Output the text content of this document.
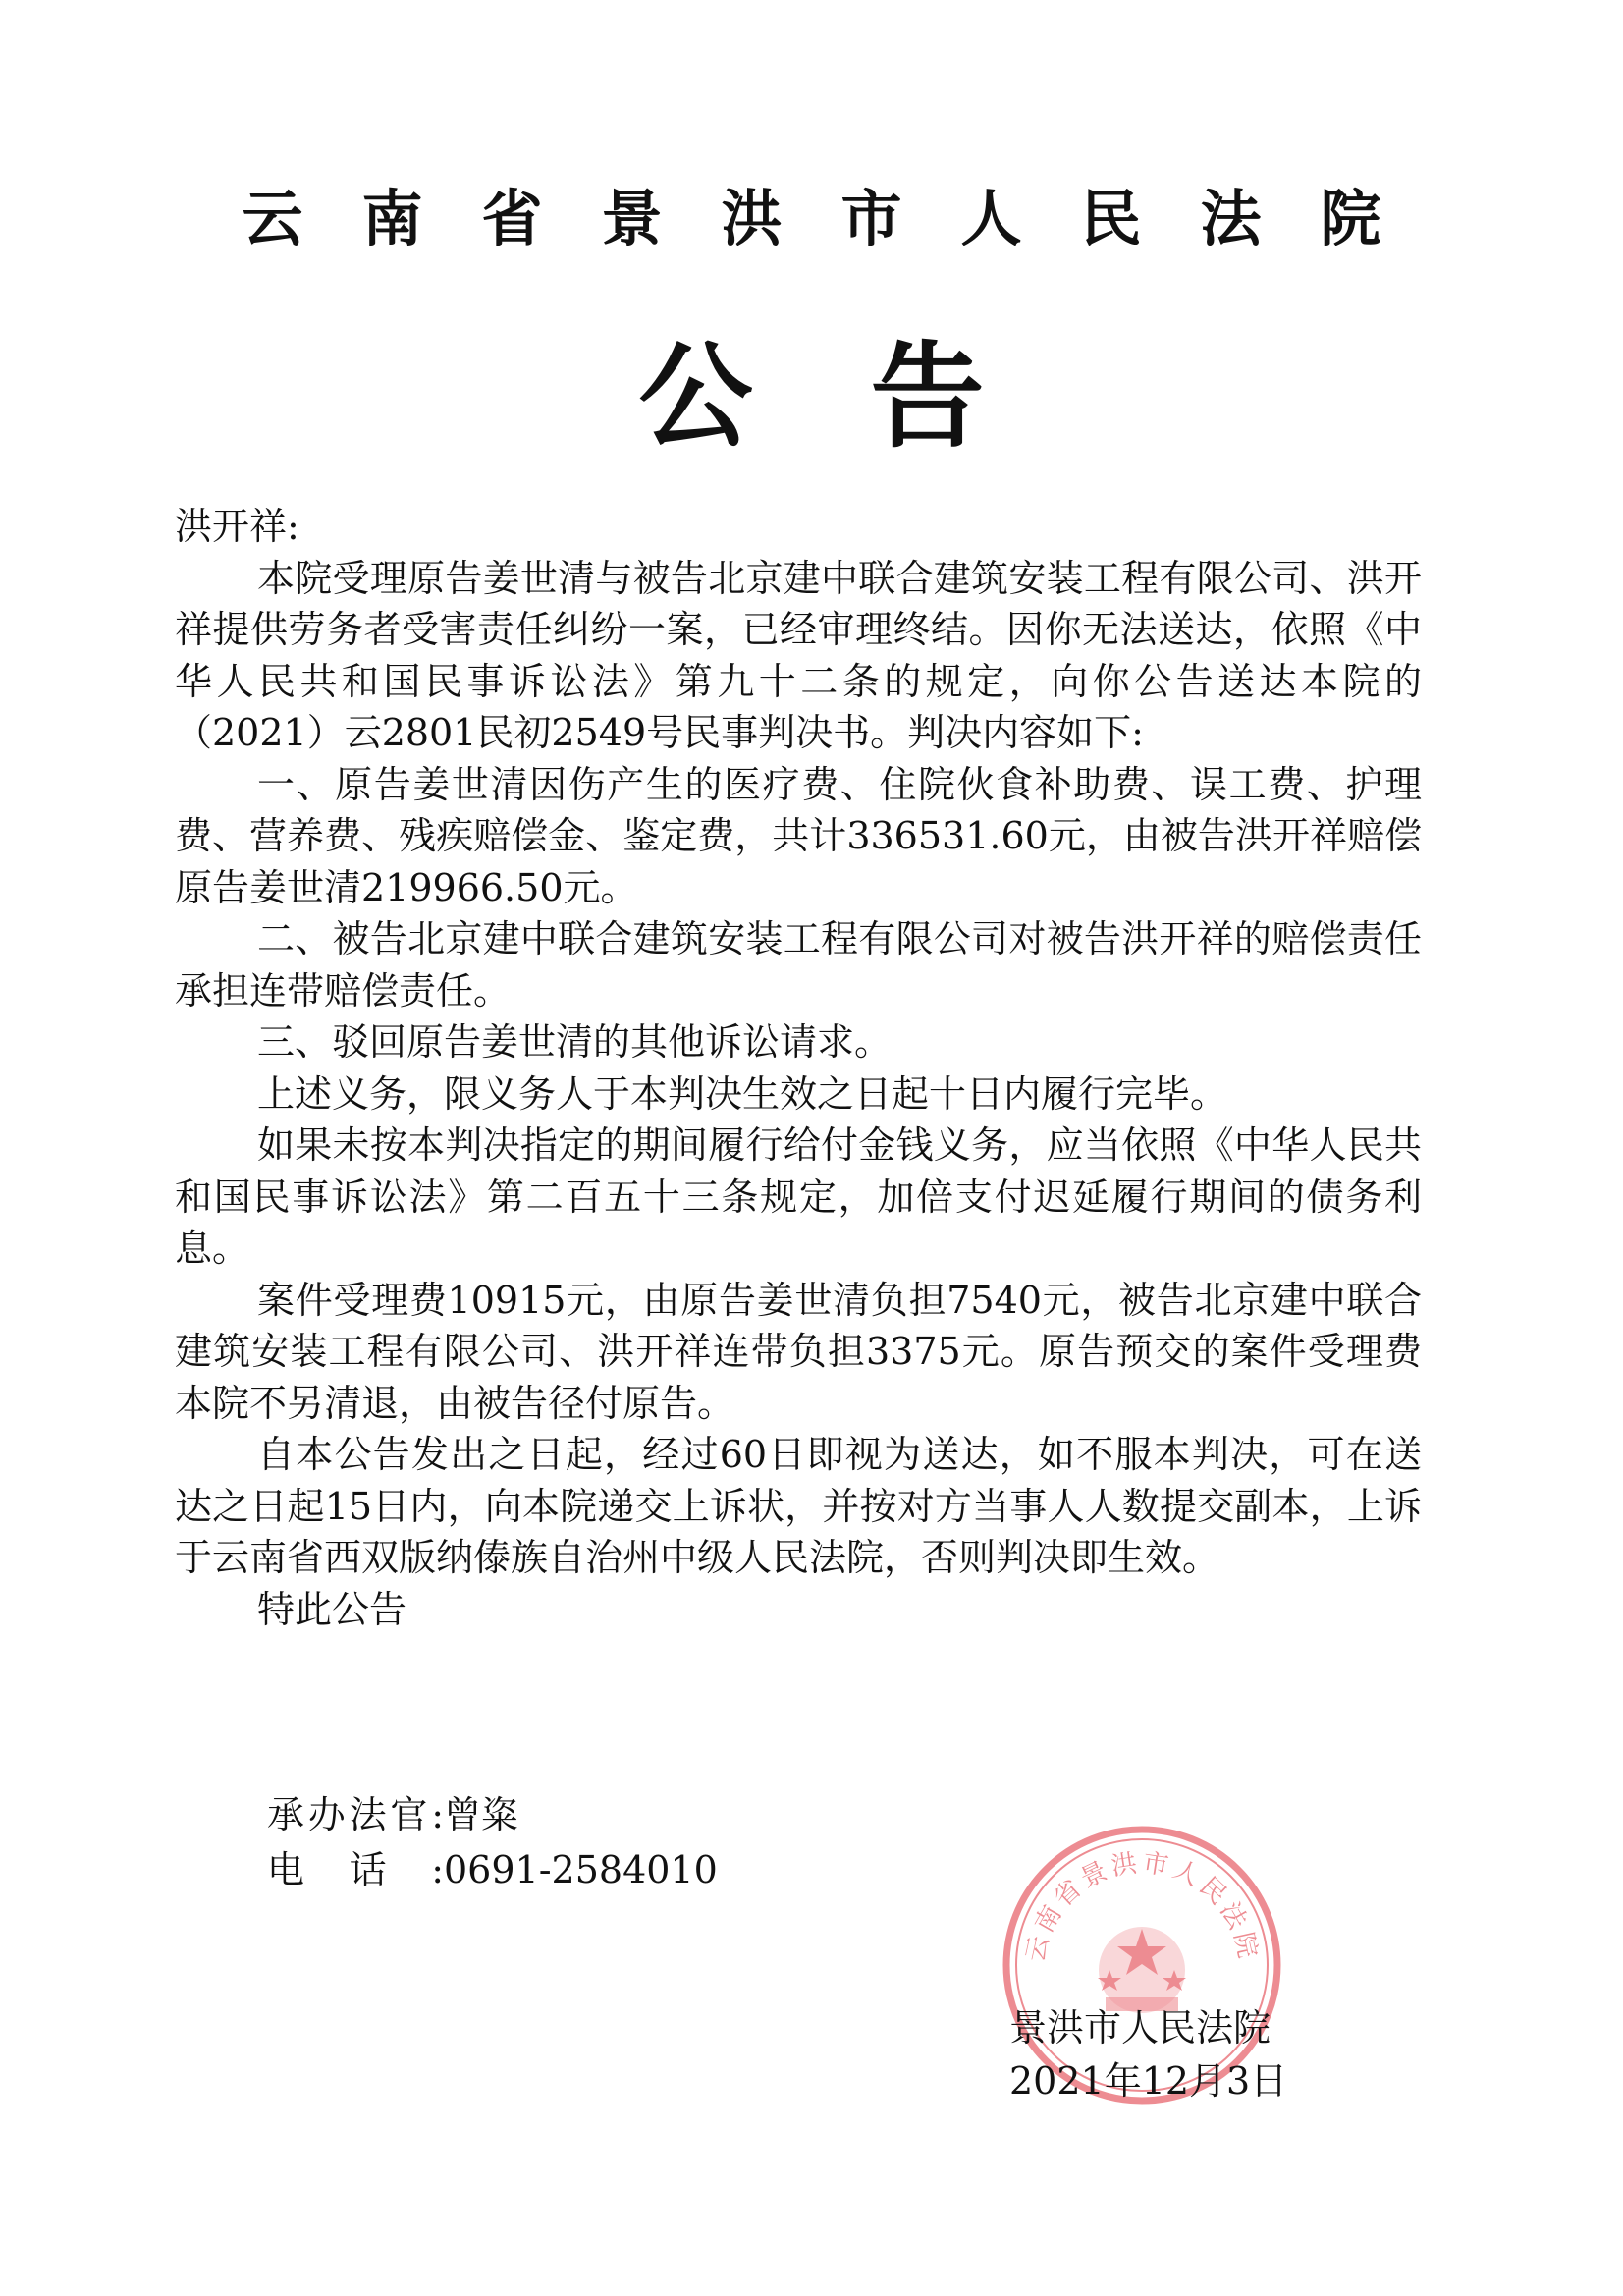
云南省景洪市人民法院
公告

洪开祥:

本院受理原告姜世清与被告北京建中联合建筑安装工程有限公司、洪开祥提供劳务者受害责任纠纷一案，已经审理终结。因你无法送达，依照《中华人民共和国民事诉讼法》第九十二条的规定，向你公告送达本院的（2021）云2801民初2549号民事判决书。判决内容如下:

一、原告姜世清因伤产生的医疗费、住院伙食补助费、误工费、护理费、营养费、残疾赔偿金、鉴定费，共计336531.60元，由被告洪开祥赔偿原告姜世清219966.50元。

二、被告北京建中联合建筑安装工程有限公司对被告洪开祥的赔偿责任承担连带赔偿责任。

三、驳回原告姜世清的其他诉讼请求。

上述义务，限义务人于本判决生效之日起十日内履行完毕。

如果未按本判决指定的期间履行给付金钱义务，应当依照《中华人民共和国民事诉讼法》第二百五十三条规定，加倍支付迟延履行期间的债务利息。

案件受理费10915元，由原告姜世清负担7540元，被告北京建中联合建筑安装工程有限公司、洪开祥连带负担3375元。原告预交的案件受理费本院不另清退，由被告径付原告。

自本公告发出之日起，经过60日即视为送达，如不服本判决，可在送达之日起15日内，向本院递交上诉状，并按对方当事人人数提交副本，上诉于云南省西双版纳傣族自治州中级人民法院，否则判决即生效。

特此公告

承办法官: 曾粢
电话: 0691-2584010
云南省景洪市人民法院
景洪市人民法院
2021年12月3日
